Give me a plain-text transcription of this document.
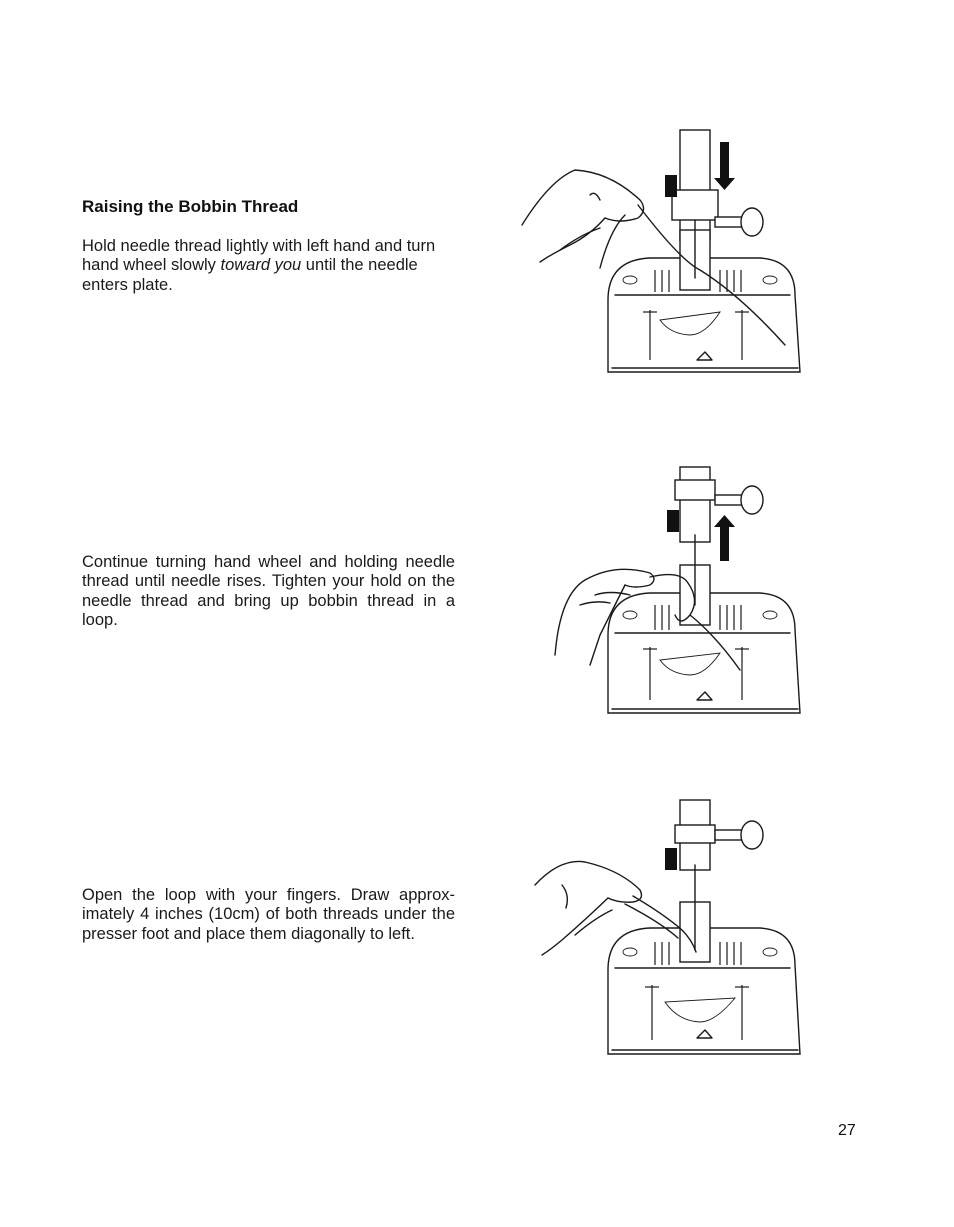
Raising the Bobbin Thread

Hold needle thread lightly with left hand and turn hand wheel slowly toward you until the needle enters plate.

Continue turning hand wheel and holding needle thread until needle rises. Tighten your hold on the needle thread and bring up bobbin thread in a loop.

Open the loop with your fingers. Draw approx-imately 4 inches (10cm) of both threads under the presser foot and place them diagonally to left.

27
